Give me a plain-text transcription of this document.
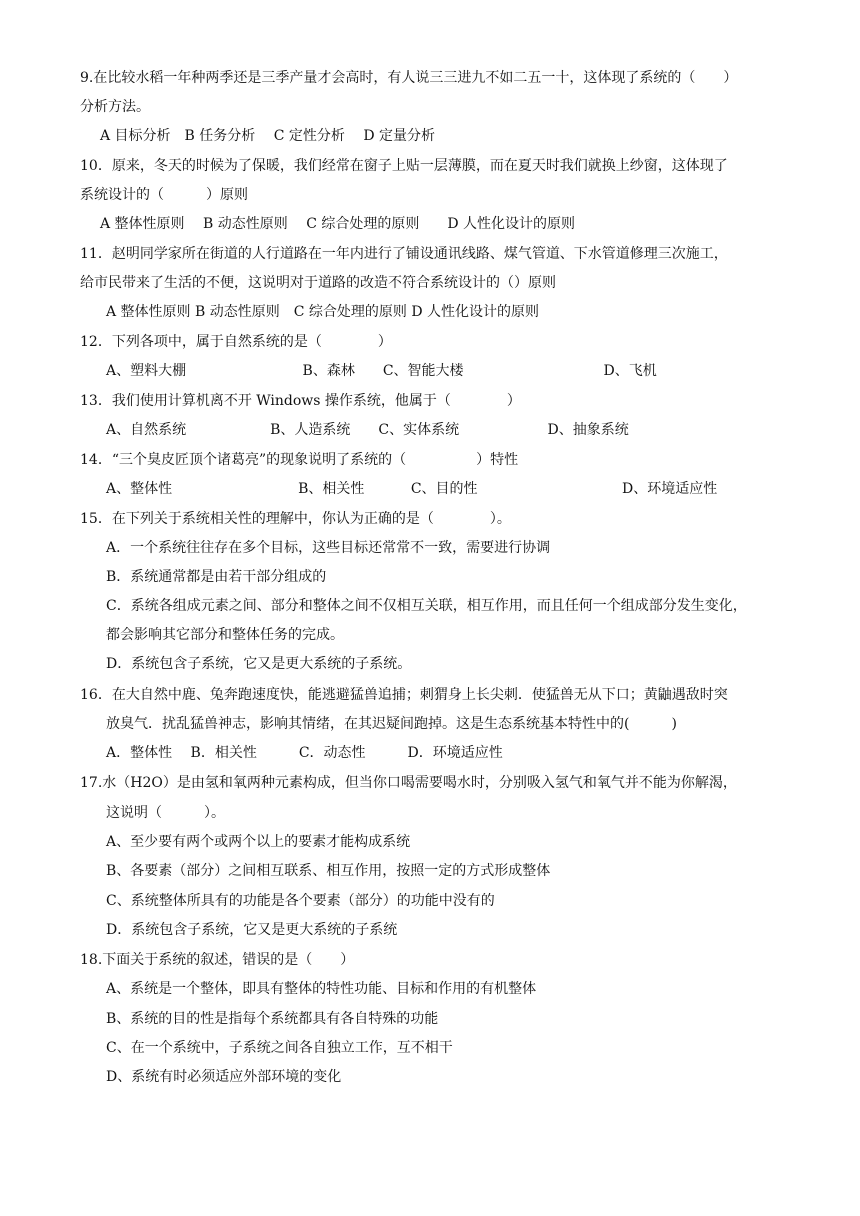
9.在比较水稻一年种两季还是三季产量才会高时，有人说三三进九不如二五一十，这体现了系统的（　　）
分析方法。
A 目标分析　B 任务分析　 C 定性分析　 D 定量分析
10．原来，冬天的时候为了保暖，我们经常在窗子上贴一层薄膜，而在夏天时我们就换上纱窗，这体现了
系统设计的（　　　）原则
A 整体性原则　 B 动态性原则　 C 综合处理的原则　　D 人性化设计的原则
11．赵明同学家所在街道的人行道路在一年内进行了铺设通讯线路、煤气管道、下水管道修理三次施工，
给市民带来了生活的不便，这说明对于道路的改造不符合系统设计的（）原则
A 整体性原则 B 动态性原则　C 综合处理的原则 D 人性化设计的原则
12．下列各项中，属于自然系统的是（　　　　）
A、塑料大棚　　　　　　　　 B、森林　　C、智能大楼　　　　　　　　　　D、飞机
13．我们使用计算机离不开 Windows 操作系统，他属于（　　　　）
A、自然系统　　　　　　B、人造系统　　C、实体系统　　　　　　 D、抽象系统
14．“三个臭皮匠顶个诸葛亮”的现象说明了系统的（　　　　　）特性
A、整体性　　　　　　　　　B、相关性　　　 C、目的性　　　　　　　　　　 D、环境适应性
15．在下列关于系统相关性的理解中，你认为正确的是（　　　　）。
A．一个系统往往存在多个目标，这些目标还常常不一致，需要进行协调
B．系统通常都是由若干部分组成的
C．系统各组成元素之间、部分和整体之间不仅相互关联，相互作用，而且任何一个组成部分发生变化，
都会影响其它部分和整体任务的完成。
D．系统包含子系统，它又是更大系统的子系统。
16．在大自然中鹿、兔奔跑速度快，能逃避猛兽追捕；刺猬身上长尖刺．使猛兽无从下口；黄鼬遇敌时突
放臭气．扰乱猛兽神志，影响其情绪，在其迟疑间跑掉。这是生态系统基本特性中的(　　　)
A．整体性　 B．相关性　　　C．动态性　　　D．环境适应性
17.水（H2O）是由氢和氧两种元素构成，但当你口喝需要喝水时，分别吸入氢气和氧气并不能为你解渴，
这说明（　　　）。
A、至少要有两个或两个以上的要素才能构成系统
B、各要素（部分）之间相互联系、相互作用，按照一定的方式形成整体
C、系统整体所具有的功能是各个要素（部分）的功能中没有的
D．系统包含子系统，它又是更大系统的子系统
18.下面关于系统的叙述，错误的是（　　）
A、系统是一个整体，即具有整体的特性功能、目标和作用的有机整体
B、系统的目的性是指每个系统都具有各自特殊的功能
C、在一个系统中，子系统之间各自独立工作，互不相干
D、系统有时必须适应外部环境的变化
